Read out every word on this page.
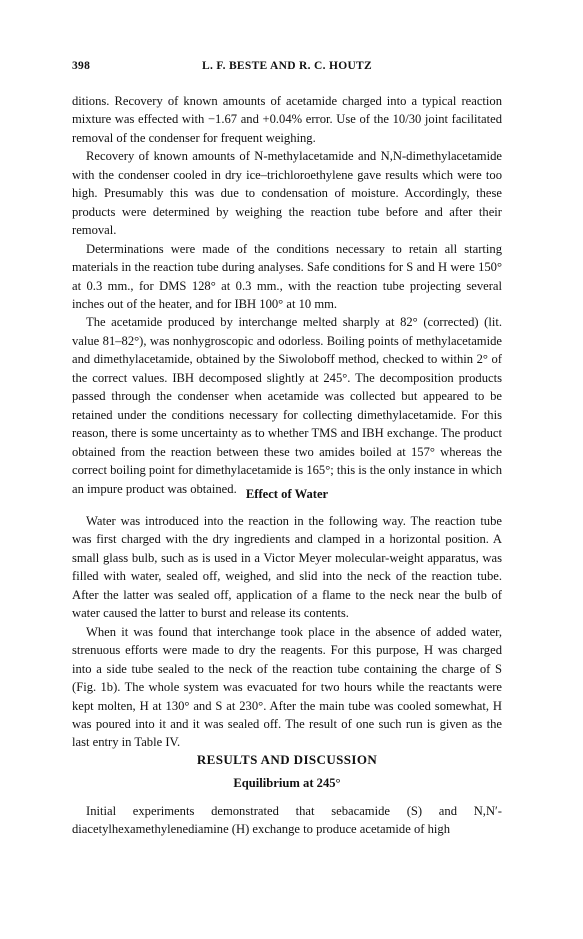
398	L. F. BESTE AND R. C. HOUTZ

ditions. Recovery of known amounts of acetamide charged into a typical reaction mixture was effected with −1.67 and +0.04% error. Use of the 10/30 joint facilitated removal of the condenser for frequent weighing.

Recovery of known amounts of N-methylacetamide and N,N-dimethylacetamide with the condenser cooled in dry ice–trichloroethylene gave results which were too high. Presumably this was due to condensation of moisture. Accordingly, these products were determined by weighing the reaction tube before and after their removal.

Determinations were made of the conditions necessary to retain all starting materials in the reaction tube during analyses. Safe conditions for S and H were 150° at 0.3 mm., for DMS 128° at 0.3 mm., with the reaction tube projecting several inches out of the heater, and for IBH 100° at 10 mm.

The acetamide produced by interchange melted sharply at 82° (corrected) (lit. value 81–82°), was nonhygroscopic and odorless. Boiling points of methylacetamide and dimethylacetamide, obtained by the Siwoloboff method, checked to within 2° of the correct values. IBH decomposed slightly at 245°. The decomposition products passed through the condenser when acetamide was collected but appeared to be retained under the conditions necessary for collecting dimethylacetamide. For this reason, there is some uncertainty as to whether TMS and IBH exchange. The product obtained from the reaction between these two amides boiled at 157° whereas the correct boiling point for dimethylacetamide is 165°; this is the only instance in which an impure product was obtained. Effect of Water

Water was introduced into the reaction in the following way. The reaction tube was first charged with the dry ingredients and clamped in a horizontal position. A small glass bulb, such as is used in a Victor Meyer molecular-weight apparatus, was filled with water, sealed off, weighed, and slid into the neck of the reaction tube. After the latter was sealed off, application of a flame to the neck near the bulb of water caused the latter to burst and release its contents.

When it was found that interchange took place in the absence of added water, strenuous efforts were made to dry the reagents. For this purpose, H was charged into a side tube sealed to the neck of the reaction tube containing the charge of S (Fig. 1b). The whole system was evacuated for two hours while the reactants were kept molten, H at 130° and S at 230°. After the main tube was cooled somewhat, H was poured into it and it was sealed off. The result of one such run is given as the last entry in Table IV.

RESULTS AND DISCUSSION
Equilibrium at 245°

Initial experiments demonstrated that sebacamide (S) and N,N′-diacetylhexamethylenediamine (H) exchange to produce acetamide of high
